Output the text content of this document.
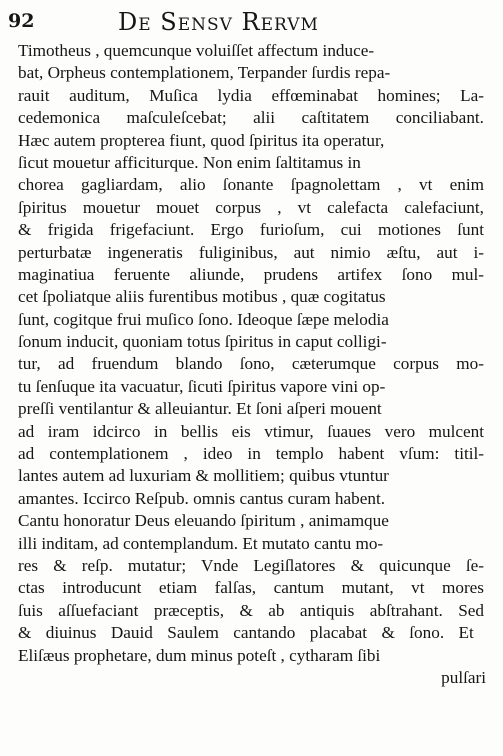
92	De Sensv Rervm
Timotheus , quemcunque voluiſſet affectum induce-
bat, Orpheus contemplationem, Terpander ſurdis repa-
rauit auditum, Muſica lydia effœminabat homines; La-
cedemonica maſculeſcebat; alii caſtitatem conciliabant.
Hæc autem propterea fiunt, quod ſpiritus ita operatur,
ſicut mouetur afficiturque. Non enim ſaltitamus in
chorea gagliardam, alio ſonante ſpagnolettam , vt enim
ſpiritus mouetur mouet corpus , vt calefacta calefaciunt,
& frigida frigefaciunt. Ergo furioſum, cui motiones ſunt
perturbatæ ingeneratis fuliginibus, aut nimio æſtu, aut i-
maginatiua feruente aliunde, prudens artifex ſono mul-
cet ſpoliatque aliis furentibus motibus , quæ cogitatus
ſunt, cogitque frui muſico ſono. Ideoque ſæpe melodia
ſonum inducit, quoniam totus ſpiritus in caput colligi-
tur, ad fruendum blando ſono, cæterumque corpus mo-
tu ſenſuque ita vacuatur, ſicuti ſpiritus vapore vini op-
preſſi ventilantur & alleuiantur. Et ſoni aſperi mouent
ad iram idcirco in bellis eis vtimur, ſuaues vero mulcent
ad contemplationem , ideo in templo habent vſum: titil-
lantes autem ad luxuriam & mollitiem; quibus vtuntur
amantes. Iccirco Reſpub. omnis cantus curam habent.
Cantu honoratur Deus eleuando ſpiritum , animamque
illi inditam, ad contemplandum. Et mutato cantu mo-
res & reſp. mutatur; Vnde Legiſlatores & quicunque ſe-
ctas introducunt etiam falſas, cantum mutant, vt mores
ſuis aſſuefaciant præceptis, & ab antiquis abſtrahant. Sed
& diuinus Dauid Saulem cantando placabat & ſono. Et
Eliſæus prophetare, dum minus poteſt , cytharam ſibi
pulſari
